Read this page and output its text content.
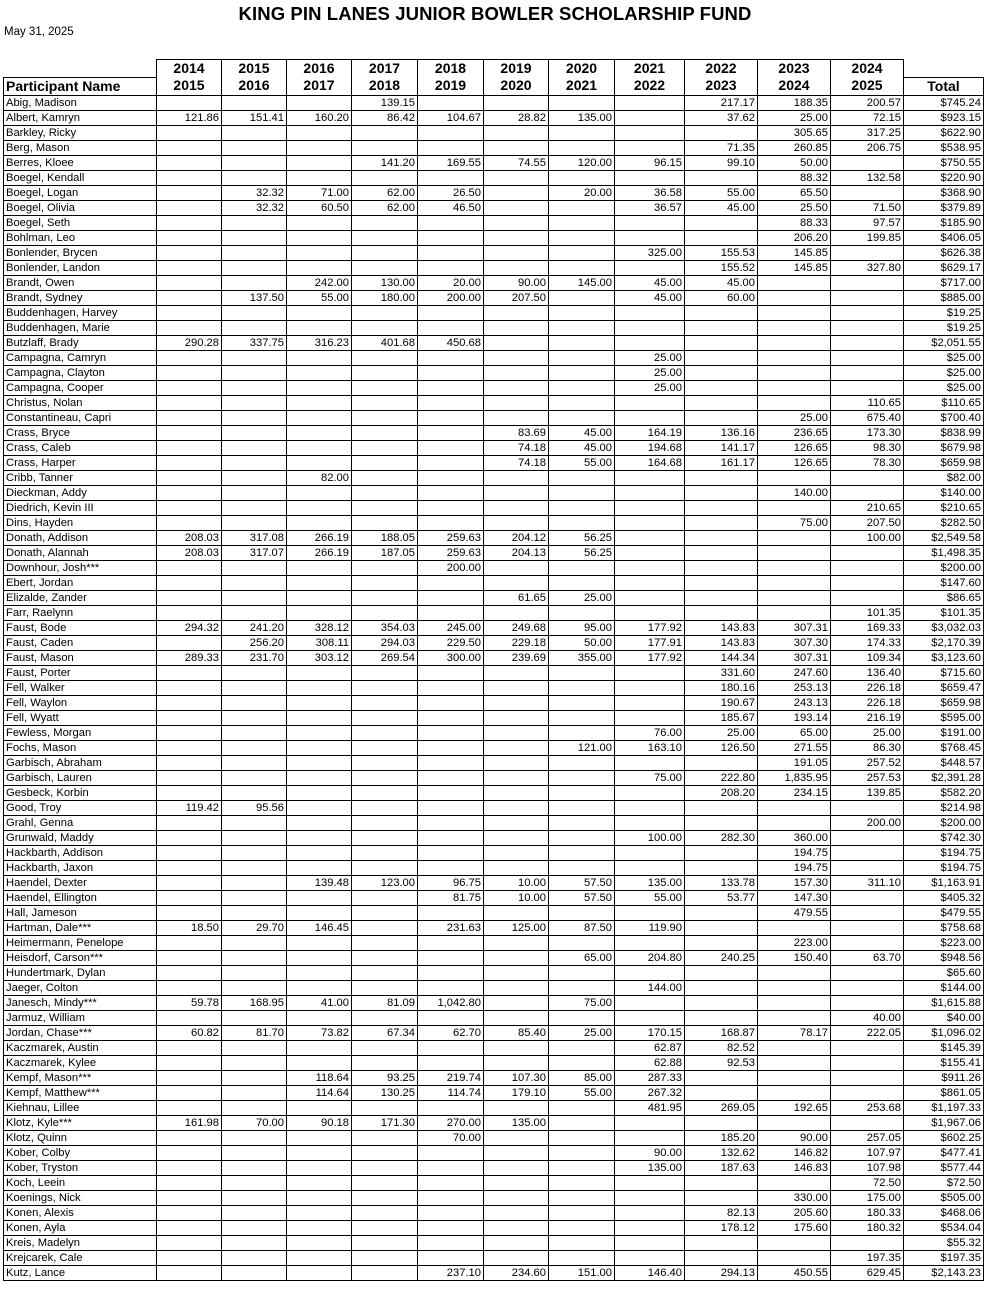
KING PIN LANES JUNIOR BOWLER SCHOLARSHIP FUND
May 31, 2025
	2014	2015	2016	2017	2018	2019	2020	2021	2022	2023	2024	
Participant Name	2015	2016	2017	2018	2019	2020	2021	2022	2023	2024	2025	Total
Abig, Madison				139.15					217.17	188.35	200.57	$745.24
Albert, Kamryn	121.86	151.41	160.20	86.42	104.67	28.82	135.00		37.62	25.00	72.15	$923.15
Barkley, Ricky										305.65	317.25	$622.90
Berg, Mason									71.35	260.85	206.75	$538.95
Berres, Kloee				141.20	169.55	74.55	120.00	96.15	99.10	50.00		$750.55
Boegel, Kendall										88.32	132.58	$220.90
Boegel, Logan		32.32	71.00	62.00	26.50		20.00	36.58	55.00	65.50		$368.90
Boegel, Olivia		32.32	60.50	62.00	46.50			36.57	45.00	25.50	71.50	$379.89
Boegel, Seth										88.33	97.57	$185.90
Bohlman, Leo										206.20	199.85	$406.05
Bonlender, Brycen								325.00	155.53	145.85		$626.38
Bonlender, Landon									155.52	145.85	327.80	$629.17
Brandt, Owen			242.00	130.00	20.00	90.00	145.00	45.00	45.00			$717.00
Brandt, Sydney		137.50	55.00	180.00	200.00	207.50		45.00	60.00			$885.00
Buddenhagen, Harvey												$19.25
Buddenhagen, Marie												$19.25
Butzlaff, Brady	290.28	337.75	316.23	401.68	450.68							$2,051.55
Campagna, Camryn								25.00				$25.00
Campagna, Clayton								25.00				$25.00
Campagna, Cooper								25.00				$25.00
Christus, Nolan											110.65	$110.65
Constantineau, Capri										25.00	675.40	$700.40
Crass, Bryce						83.69	45.00	164.19	136.16	236.65	173.30	$838.99
Crass, Caleb						74.18	45.00	194.68	141.17	126.65	98.30	$679.98
Crass, Harper						74.18	55.00	164.68	161.17	126.65	78.30	$659.98
Cribb, Tanner			82.00									$82.00
Dieckman, Addy										140.00		$140.00
Diedrich, Kevin III											210.65	$210.65
Dins, Hayden										75.00	207.50	$282.50
Donath, Addison	208.03	317.08	266.19	188.05	259.63	204.12	56.25				100.00	$2,549.58
Donath, Alannah	208.03	317.07	266.19	187.05	259.63	204.13	56.25					$1,498.35
Downhour, Josh***					200.00							$200.00
Ebert, Jordan												$147.60
Elizalde, Zander						61.65	25.00					$86.65
Farr, Raelynn											101.35	$101.35
Faust, Bode	294.32	241.20	328.12	354.03	245.00	249.68	95.00	177.92	143.83	307.31	169.33	$3,032.03
Faust, Caden		256.20	308.11	294.03	229.50	229.18	50.00	177.91	143.83	307.30	174.33	$2,170.39
Faust, Mason	289.33	231.70	303.12	269.54	300.00	239.69	355.00	177.92	144.34	307.31	109.34	$3,123.60
Faust, Porter									331.60	247.60	136.40	$715.60
Fell, Walker									180.16	253.13	226.18	$659.47
Fell, Waylon									190.67	243.13	226.18	$659.98
Fell, Wyatt									185.67	193.14	216.19	$595.00
Fewless, Morgan								76.00	25.00	65.00	25.00	$191.00
Fochs, Mason							121.00	163.10	126.50	271.55	86.30	$768.45
Garbisch, Abraham										191.05	257.52	$448.57
Garbisch, Lauren								75.00	222.80	1,835.95	257.53	$2,391.28
Gesbeck, Korbin									208.20	234.15	139.85	$582.20
Good, Troy	119.42	95.56										$214.98
Grahl, Genna											200.00	$200.00
Grunwald, Maddy								100.00	282.30	360.00		$742.30
Hackbarth, Addison										194.75		$194.75
Hackbarth, Jaxon										194.75		$194.75
Haendel, Dexter			139.48	123.00	96.75	10.00	57.50	135.00	133.78	157.30	311.10	$1,163.91
Haendel, Ellington					81.75	10.00	57.50	55.00	53.77	147.30		$405.32
Hall, Jameson										479.55		$479.55
Hartman, Dale***	18.50	29.70	146.45		231.63	125.00	87.50	119.90				$758.68
Heimermann, Penelope										223.00		$223.00
Heisdorf, Carson***							65.00	204.80	240.25	150.40	63.70	$948.56
Hundertmark, Dylan												$65.60
Jaeger, Colton								144.00				$144.00
Janesch, Mindy***	59.78	168.95	41.00	81.09	1,042.80		75.00					$1,615.88
Jarmuz, William											40.00	$40.00
Jordan, Chase***	60.82	81.70	73.82	67.34	62.70	85.40	25.00	170.15	168.87	78.17	222.05	$1,096.02
Kaczmarek, Austin								62.87	82.52			$145.39
Kaczmarek, Kylee								62.88	92.53			$155.41
Kempf, Mason***			118.64	93.25	219.74	107.30	85.00	287.33				$911.26
Kempf, Matthew***			114.64	130.25	114.74	179.10	55.00	267.32				$861.05
Kiehnau, Lillee								481.95	269.05	192.65	253.68	$1,197.33
Klotz, Kyle***	161.98	70.00	90.18	171.30	270.00	135.00						$1,967.06
Klotz, Quinn					70.00				185.20	90.00	257.05	$602.25
Kober, Colby								90.00	132.62	146.82	107.97	$477.41
Kober, Tryston								135.00	187.63	146.83	107.98	$577.44
Koch, Leein											72.50	$72.50
Koenings, Nick										330.00	175.00	$505.00
Konen, Alexis									82.13	205.60	180.33	$468.06
Konen, Ayla									178.12	175.60	180.32	$534.04
Kreis, Madelyn												$55.32
Krejcarek, Cale											197.35	$197.35
Kutz, Lance					237.10	234.60	151.00	146.40	294.13	450.55	629.45	$2,143.23
